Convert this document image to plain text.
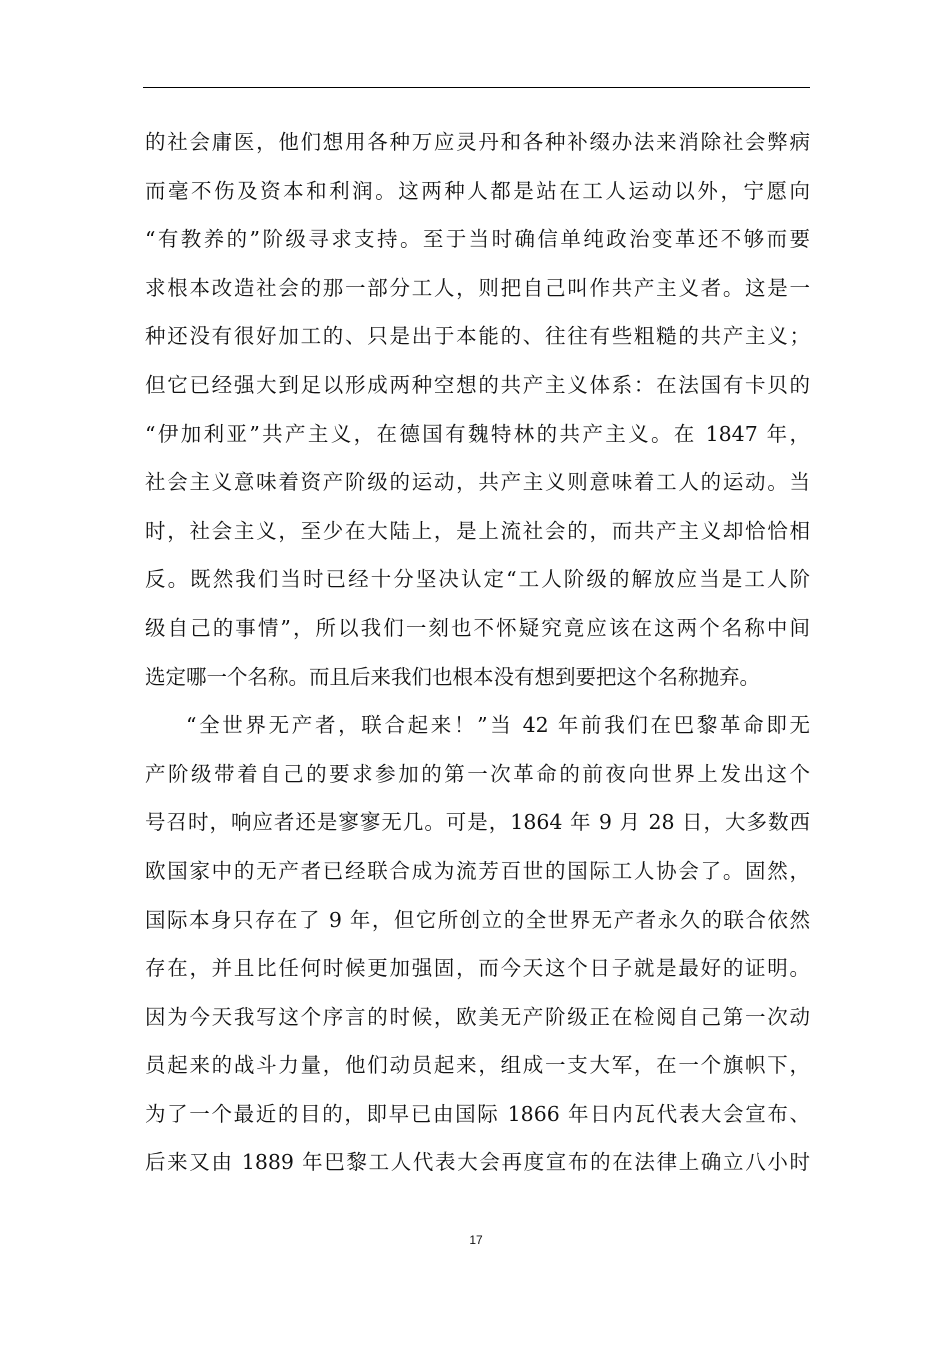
的社会庸医，他们想用各种万应灵丹和各种补缀办法来消除社会弊病
而毫不伤及资本和利润。这两种人都是站在工人运动以外，宁愿向
“有教养的”阶级寻求支持。至于当时确信单纯政治变革还不够而要
求根本改造社会的那一部分工人，则把自己叫作共产主义者。这是一
种还没有很好加工的、只是出于本能的、往往有些粗糙的共产主义；
但它已经强大到足以形成两种空想的共产主义体系：在法国有卡贝的
“伊加利亚”共产主义，在德国有魏特林的共产主义。在 1847 年，
社会主义意味着资产阶级的运动，共产主义则意味着工人的运动。当
时，社会主义，至少在大陆上，是上流社会的，而共产主义却恰恰相
反。既然我们当时已经十分坚决认定“工人阶级的解放应当是工人阶
级自己的事情”，所以我们一刻也不怀疑究竟应该在这两个名称中间
选定哪一个名称。而且后来我们也根本没有想到要把这个名称抛弃。
“全世界无产者，联合起来！”当 42 年前我们在巴黎革命即无
产阶级带着自己的要求参加的第一次革命的前夜向世界上发出这个
号召时，响应者还是寥寥无几。可是，1864 年 9 月 28 日，大多数西
欧国家中的无产者已经联合成为流芳百世的国际工人协会了。固然，
国际本身只存在了 9 年，但它所创立的全世界无产者永久的联合依然
存在，并且比任何时候更加强固，而今天这个日子就是最好的证明。
因为今天我写这个序言的时候，欧美无产阶级正在检阅自己第一次动
员起来的战斗力量，他们动员起来，组成一支大军，在一个旗帜下，
为了一个最近的目的，即早已由国际 1866 年日内瓦代表大会宣布、
后来又由 1889 年巴黎工人代表大会再度宣布的在法律上确立八小时
17
